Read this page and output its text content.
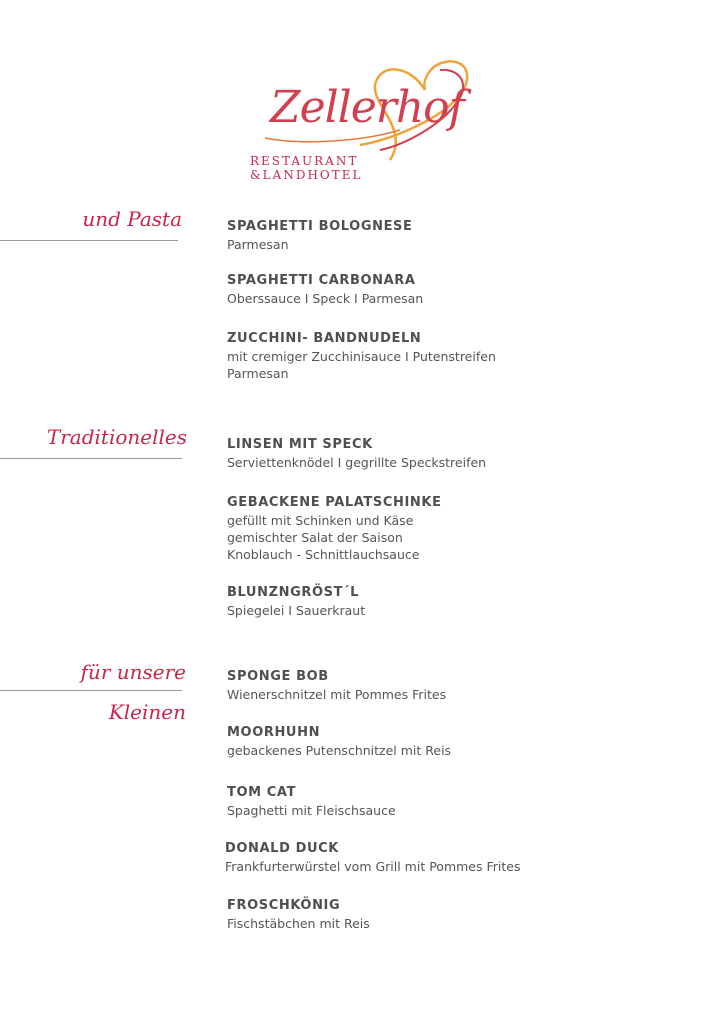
Zellerhof
RESTAURANT
&LANDHOTEL
und Pasta	SPAGHETTI BOLOGNESE
Parmesan
SPAGHETTI CARBONARA
Oberssauce I Speck I Parmesan
ZUCCHINI- BANDNUDELN
mit cremiger Zucchinisauce I Putenstreifen
Parmesan
Traditionelles	LINSEN MIT SPECK
Serviettenknödel I gegrillte Speckstreifen
GEBACKENE PALATSCHINKE
gefüllt mit Schinken und Käse
gemischter Salat der Saison
Knoblauch - Schnittlauchsauce
BLUNZNGRÖST´L
Spiegelei I Sauerkraut
für unsere
Kleinen
SPONGE BOB
Wienerschnitzel mit Pommes Frites
MOORHUHN
gebackenes Putenschnitzel mit Reis
TOM CAT
Spaghetti mit Fleischsauce
DONALD DUCK
Frankfurterwürstel vom Grill mit Pommes Frites
FROSCHKÖNIG
Fischstäbchen mit Reis
